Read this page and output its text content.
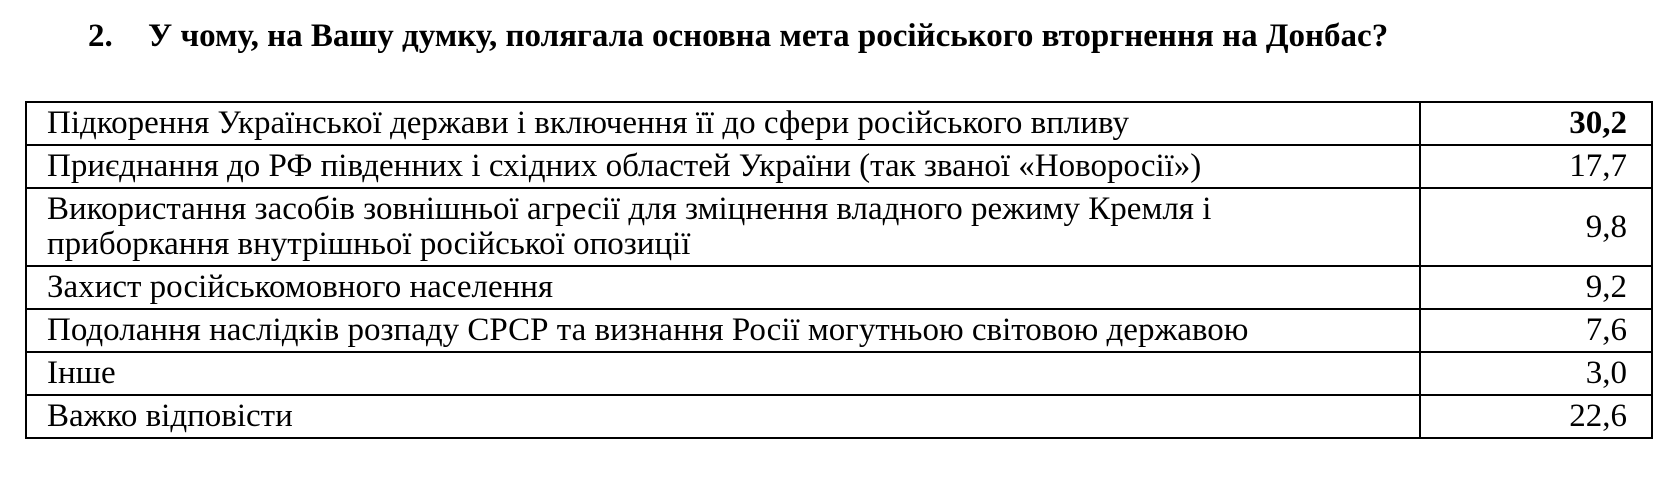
2. У чому, на Вашу думку, полягала основна мета російського вторгнення на Донбас?
Підкорення Української держави і включення її до сфери російського впливу	30,2
Приєднання до РФ південних і східних областей України (так званої «Новоросії»)	17,7
Використання засобів зовнішньої агресії для зміцнення владного режиму Кремля і приборкання внутрішньої російської опозиції	9,8
Захист російськомовного населення	9,2
Подолання наслідків розпаду СРСР та визнання Росії могутньою світовою державою	7,6
Інше	3,0
Важко відповісти	22,6
